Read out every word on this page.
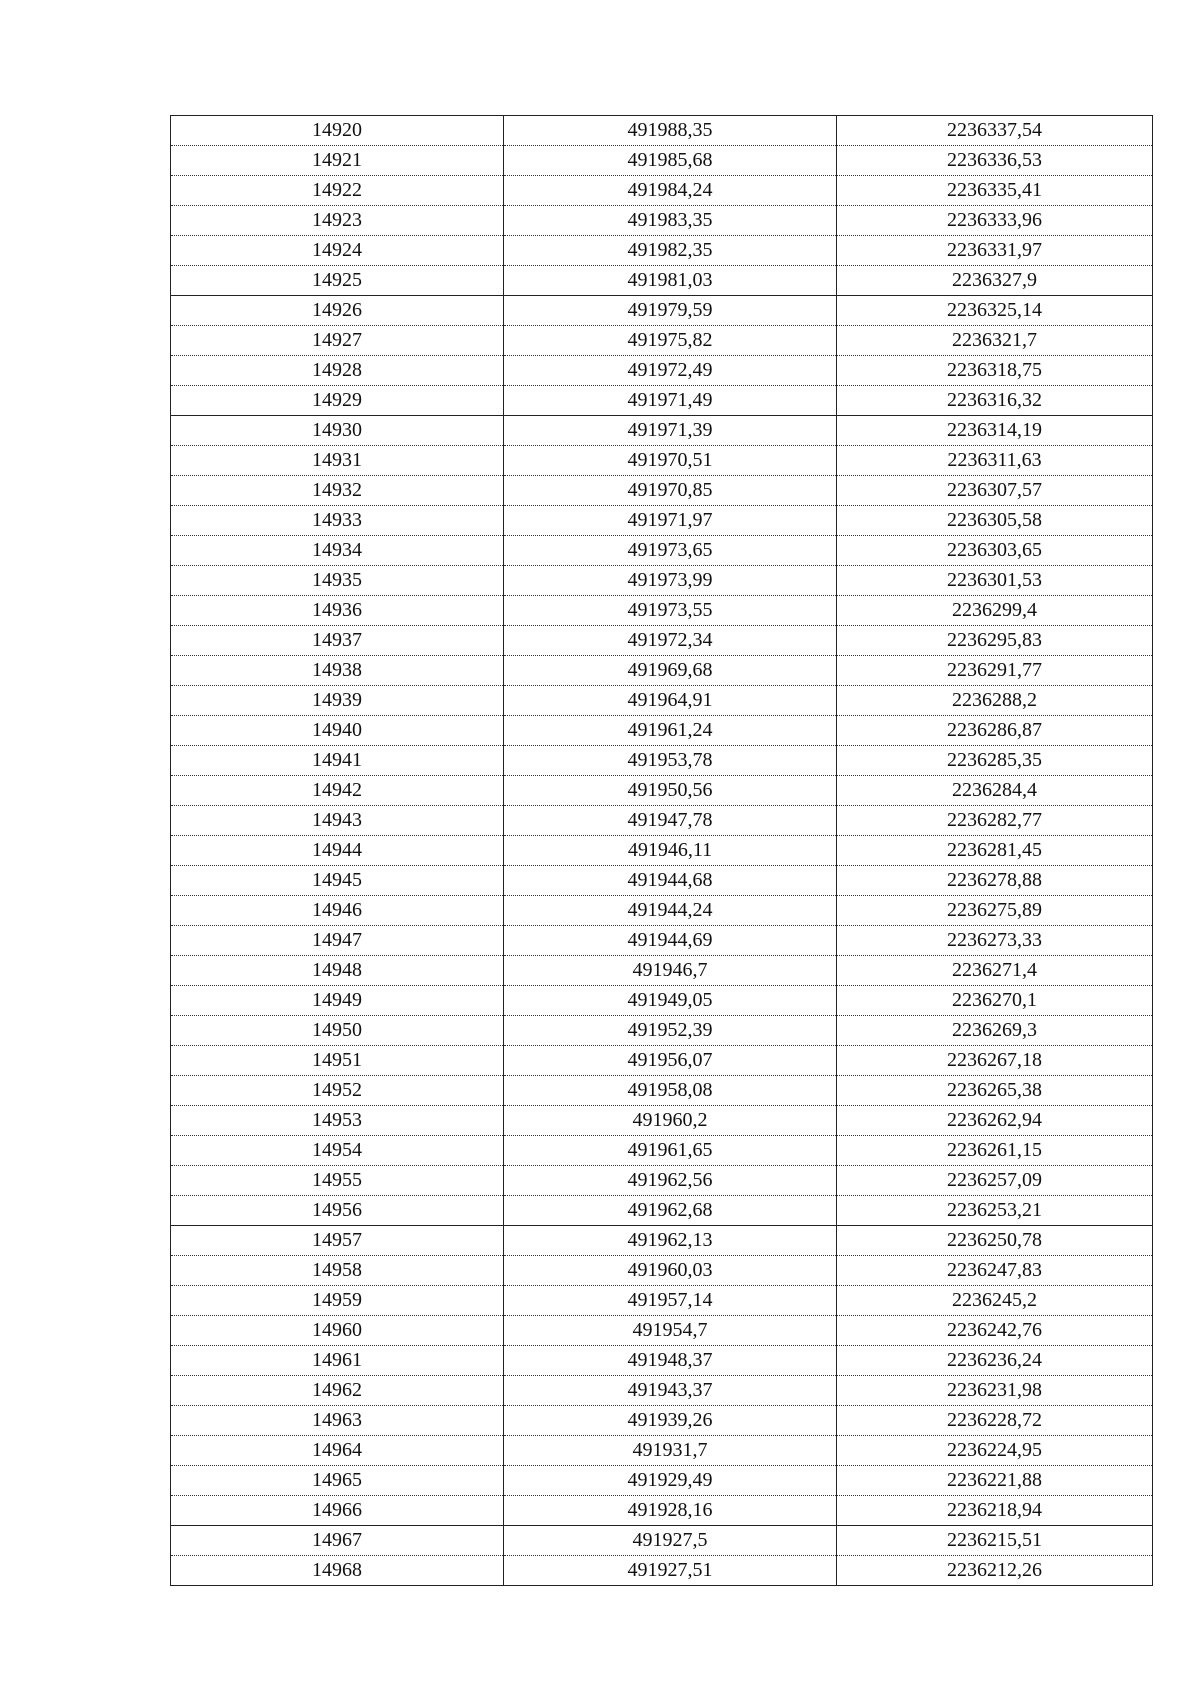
14920	491988,35	2236337,54
14921	491985,68	2236336,53
14922	491984,24	2236335,41
14923	491983,35	2236333,96
14924	491982,35	2236331,97
14925	491981,03	2236327,9
14926	491979,59	2236325,14
14927	491975,82	2236321,7
14928	491972,49	2236318,75
14929	491971,49	2236316,32
14930	491971,39	2236314,19
14931	491970,51	2236311,63
14932	491970,85	2236307,57
14933	491971,97	2236305,58
14934	491973,65	2236303,65
14935	491973,99	2236301,53
14936	491973,55	2236299,4
14937	491972,34	2236295,83
14938	491969,68	2236291,77
14939	491964,91	2236288,2
14940	491961,24	2236286,87
14941	491953,78	2236285,35
14942	491950,56	2236284,4
14943	491947,78	2236282,77
14944	491946,11	2236281,45
14945	491944,68	2236278,88
14946	491944,24	2236275,89
14947	491944,69	2236273,33
14948	491946,7	2236271,4
14949	491949,05	2236270,1
14950	491952,39	2236269,3
14951	491956,07	2236267,18
14952	491958,08	2236265,38
14953	491960,2	2236262,94
14954	491961,65	2236261,15
14955	491962,56	2236257,09
14956	491962,68	2236253,21
14957	491962,13	2236250,78
14958	491960,03	2236247,83
14959	491957,14	2236245,2
14960	491954,7	2236242,76
14961	491948,37	2236236,24
14962	491943,37	2236231,98
14963	491939,26	2236228,72
14964	491931,7	2236224,95
14965	491929,49	2236221,88
14966	491928,16	2236218,94
14967	491927,5	2236215,51
14968	491927,51	2236212,26
